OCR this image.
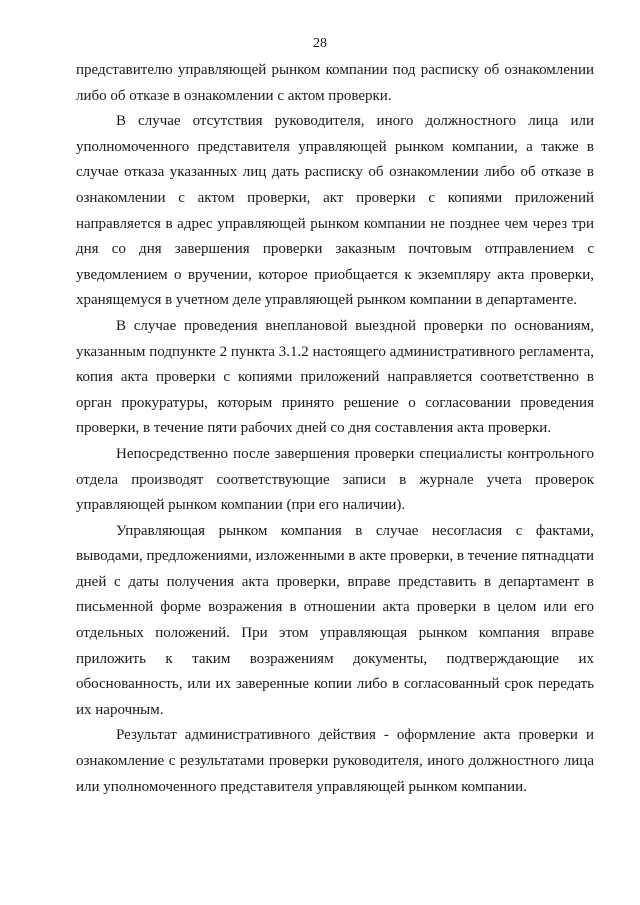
28

представителю управляющей рынком компании под расписку об ознакомлении либо об отказе в ознакомлении с актом проверки.

В случае отсутствия руководителя, иного должностного лица или уполномоченного представителя управляющей рынком компании, а также в случае отказа указанных лиц дать расписку об ознакомлении либо об отказе в ознакомлении с актом проверки, акт проверки с копиями приложений направляется в адрес управляющей рынком компании не позднее чем через три дня со дня завершения проверки заказным почтовым отправлением с уведомлением о вручении, которое приобщается к экземпляру акта проверки, хранящемуся в учетном деле управляющей рынком компании в департаменте.

В случае проведения внеплановой выездной проверки по основаниям, указанным подпункте 2 пункта 3.1.2 настоящего административного регламента, копия акта проверки с копиями приложений направляется соответственно в орган прокуратуры, которым принято решение о согласовании проведения проверки, в течение пяти рабочих дней со дня составления акта проверки.

Непосредственно после завершения проверки специалисты контрольного отдела производят соответствующие записи в журнале учета проверок управляющей рынком компании (при его наличии).

Управляющая рынком компания в случае несогласия с фактами, выводами, предложениями, изложенными в акте проверки, в течение пятнадцати дней с даты получения акта проверки, вправе представить в департамент в письменной форме возражения в отношении акта проверки в целом или его отдельных положений. При этом управляющая рынком компания вправе приложить к таким возражениям документы, подтверждающие их обоснованность, или их заверенные копии либо в согласованный срок передать их нарочным.

Результат административного действия - оформление акта проверки и ознакомление с результатами проверки руководителя, иного должностного лица или уполномоченного представителя управляющей рынком компании.
